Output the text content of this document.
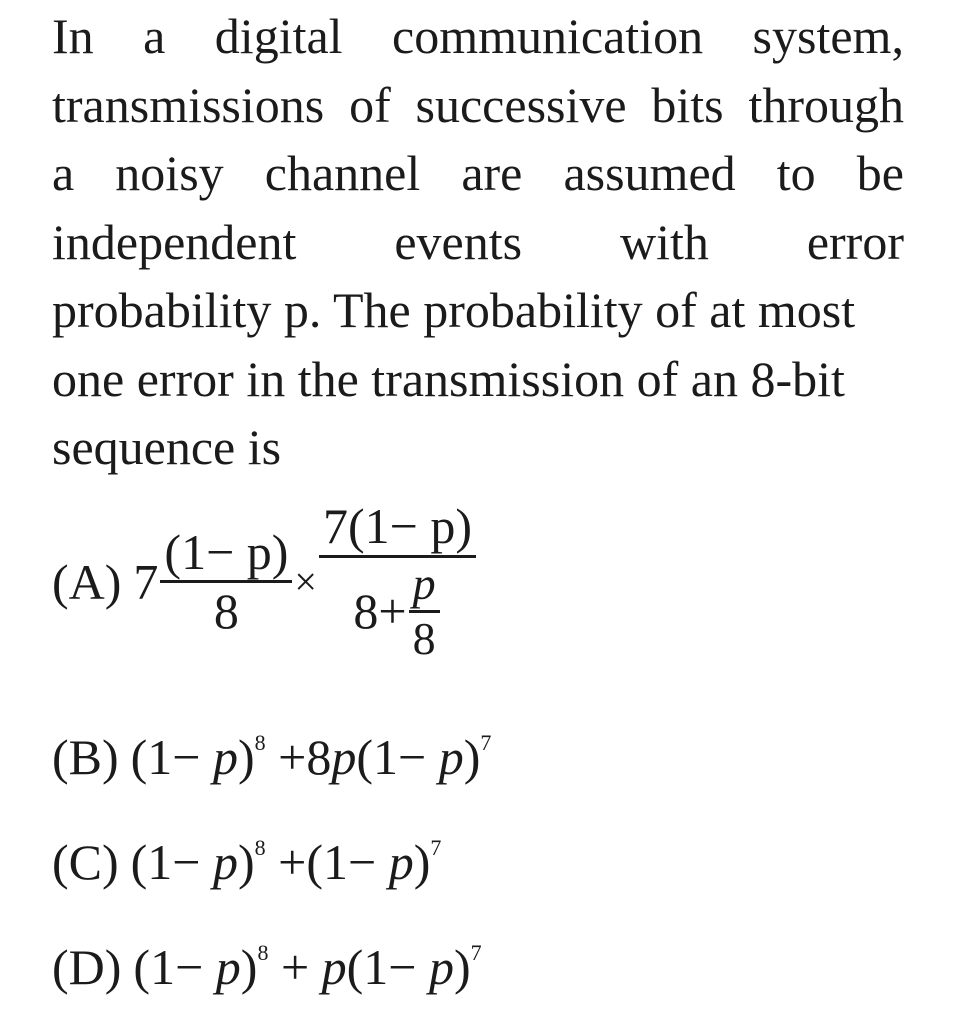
In a digital communication system,
transmissions of successive bits through
a noisy channel are assumed to be
independent events with error
probability p. The probability of at most
one error in the transmission of an 8-bit
sequence is
(A) $7 \frac{(1- p)}{8} \times \frac{7(1- p)}{8+ \frac{p}{8}}$
(B) $(1- p)^8 +8p(1- p)^7$
(C) $(1- p)^8 +(1- p)^7$
(D) $(1- p)^8 + p(1- p)^7$
